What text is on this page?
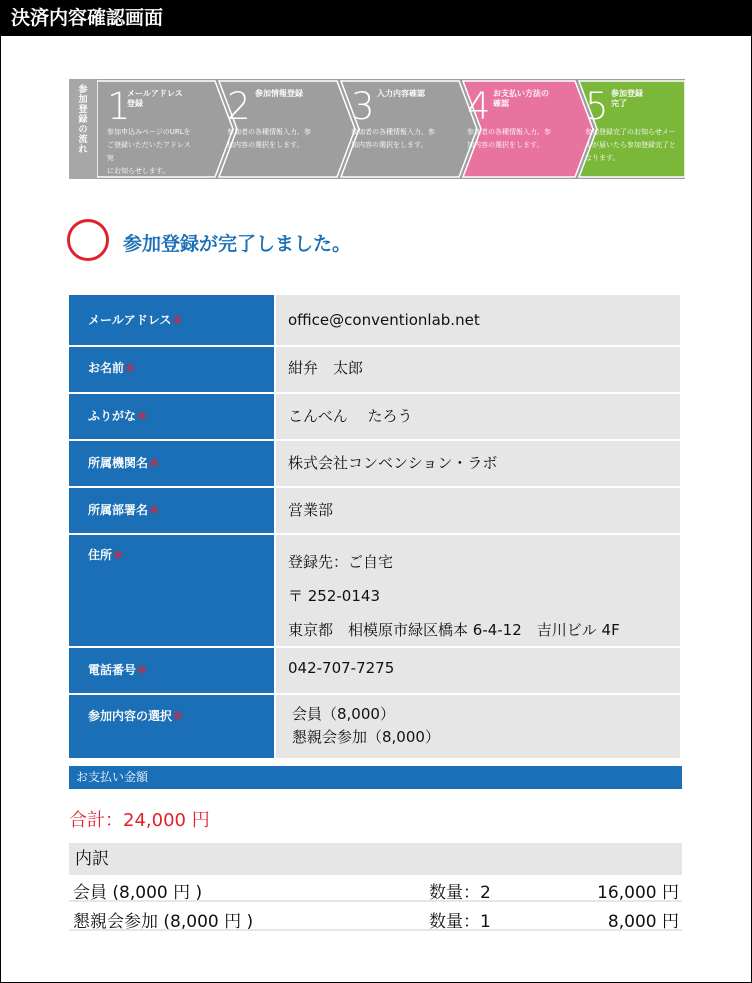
決済内容確認画面
参
加
登
録
の
流
れ
1
メールアドレス
登録
参加申込みページのURLを
ご登録いただいたアドレス宛
にお知らせします。
2 参加情報登録
参加者の各種情報入力、参
加内容の選択をします。
3 入力内容確認
参加者の各種情報入力、参
加内容の選択をします。
4 お支払い方法の
確認
参加者の各種情報入力、参
加内容の選択をします。
5 参加登録
完了
参加登録完了のお知らせメー
ルが届いたら参加登録完了と
なります。
参加登録が完了しました。
メールアドレス＊	office@conventionlab.net
お名前＊	紺弁　太郎
ふりがな＊	こんべん　 たろう
所属機関名＊	株式会社コンベンション・ラボ
所属部署名＊	営業部
住所＊	登録先：ご自宅
〒 252-0143
東京都　相模原市緑区橋本 6-4-12　吉川ビル 4F
電話番号＊	042-707-7275
参加内容の選択＊	会員（8,000）
懇親会参加（8,000）
お支払い金額
合計：24,000 円
内訳
会員 (8,000 円 )	数量：2	16,000 円
懇親会参加 (8,000 円 )	数量：1	8,000 円
